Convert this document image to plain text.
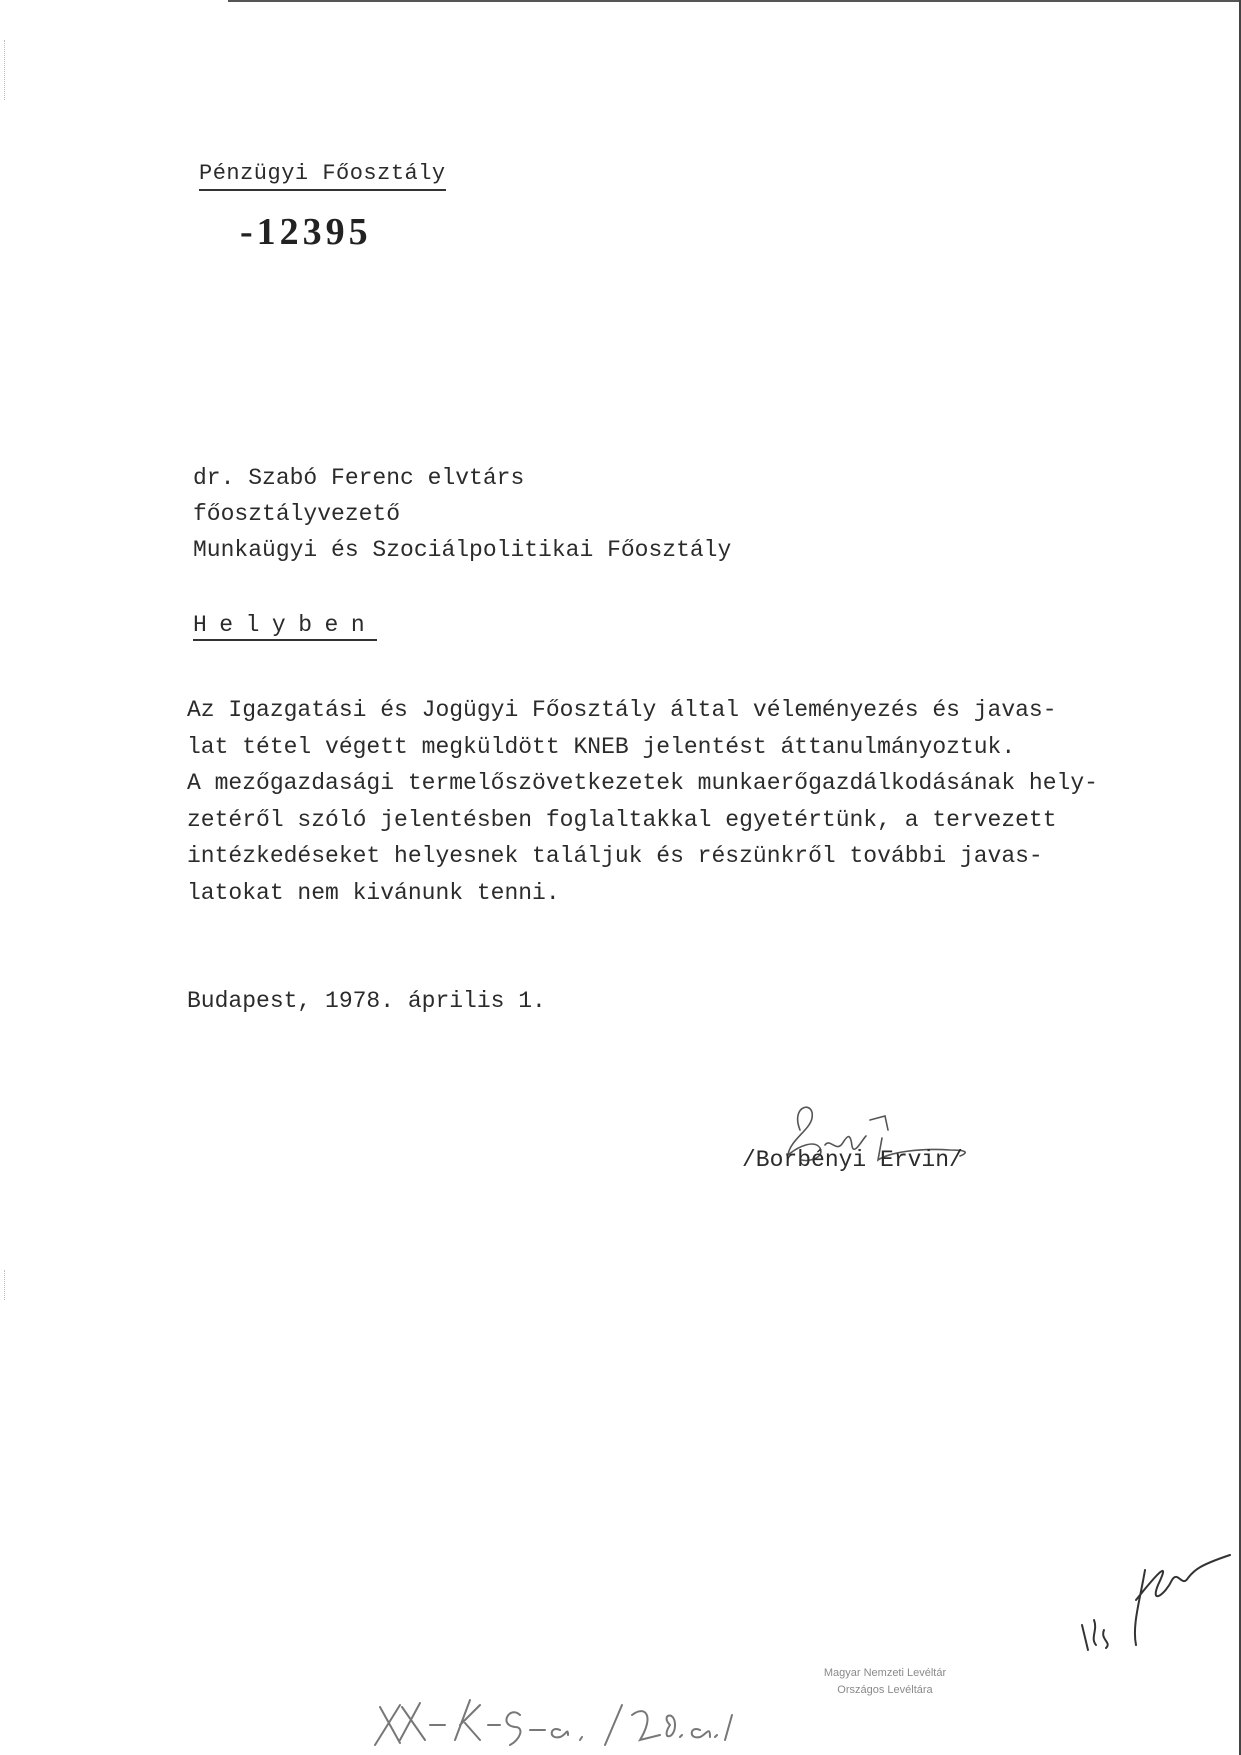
Pénzügyi Főosztály
-12395
dr. Szabó Ferenc elvtárs
főosztályvezető
Munkaügyi és Szociálpolitikai Főosztály
Helyben
Az Igazgatási és Jogügyi Főosztály által véleményezés és javas-
lat tétel végett megküldött KNEB jelentést áttanulmányoztuk.
A mezőgazdasági termelőszövetkezetek munkaerőgazdálkodásának hely-
zetéről szóló jelentésben foglaltakkal egyetértünk, a tervezett
intézkedéseket helyesnek találjuk és részünkről további javas-
latokat nem kivánunk tenni.
Budapest, 1978. április 1.
/Borbényi Ervin/
Magyar Nemzeti Levéltár
Országos Levéltára
